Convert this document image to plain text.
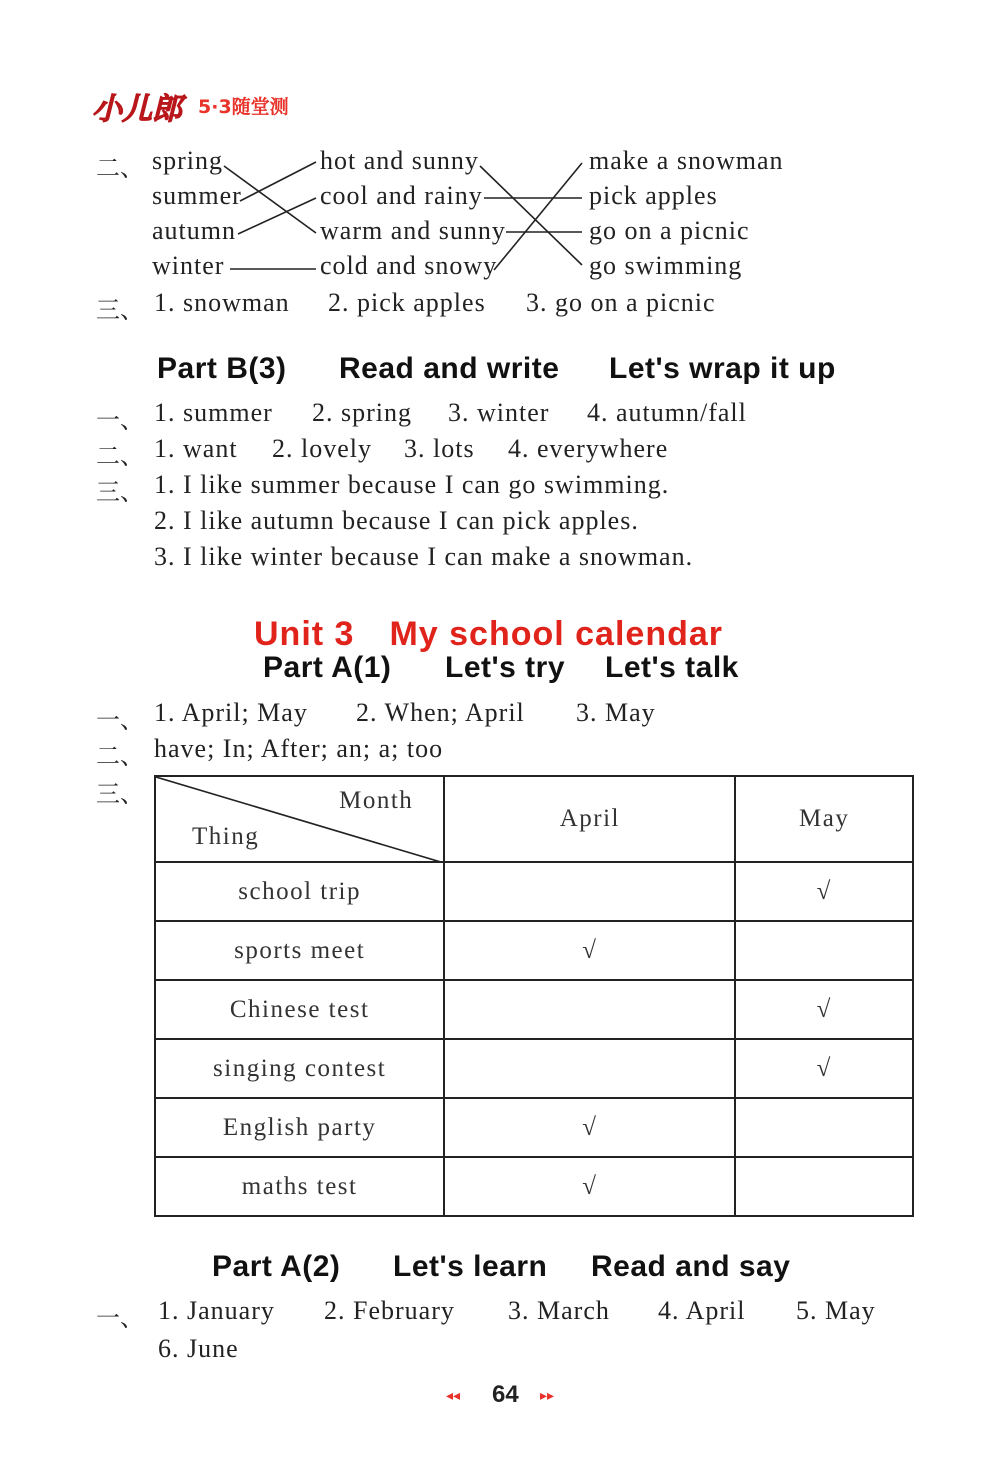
小儿郎 5·3随堂测
二、 spring
summer
autumn
winter
hot and sunny
cool and rainy
warm and sunny
cold and snowy
make a snowman
pick apples
go on a picnic
go swimming
三、 1. snowman 2. pick apples 3. go on a picnic
Part B(3) Read and write Let's wrap it up
一、 1. summer 2. spring 3. winter 4. autumn/fall
二、 1. want 2. lovely 3. lots 4. everywhere
三、 1. I like summer because I can go swimming.
2. I like autumn because I can pick apples.
3. I like winter because I can make a snowman.
Unit 3　My school calendar
Part A(1) Let's try Let's talk
一、 1. April; May 2. When; April 3. May
二、 have; In; After; an; a; too
三、	Month
Thing	April	May
school trip		√
sports meet	√	
Chinese test		√
singing contest		√
English party	√	
maths test	√	
Part A(2) Let's learn Read and say
一、 1. January 2. February 3. March 4. April 5. May
6. June
◂◂ 64 ▸▸
